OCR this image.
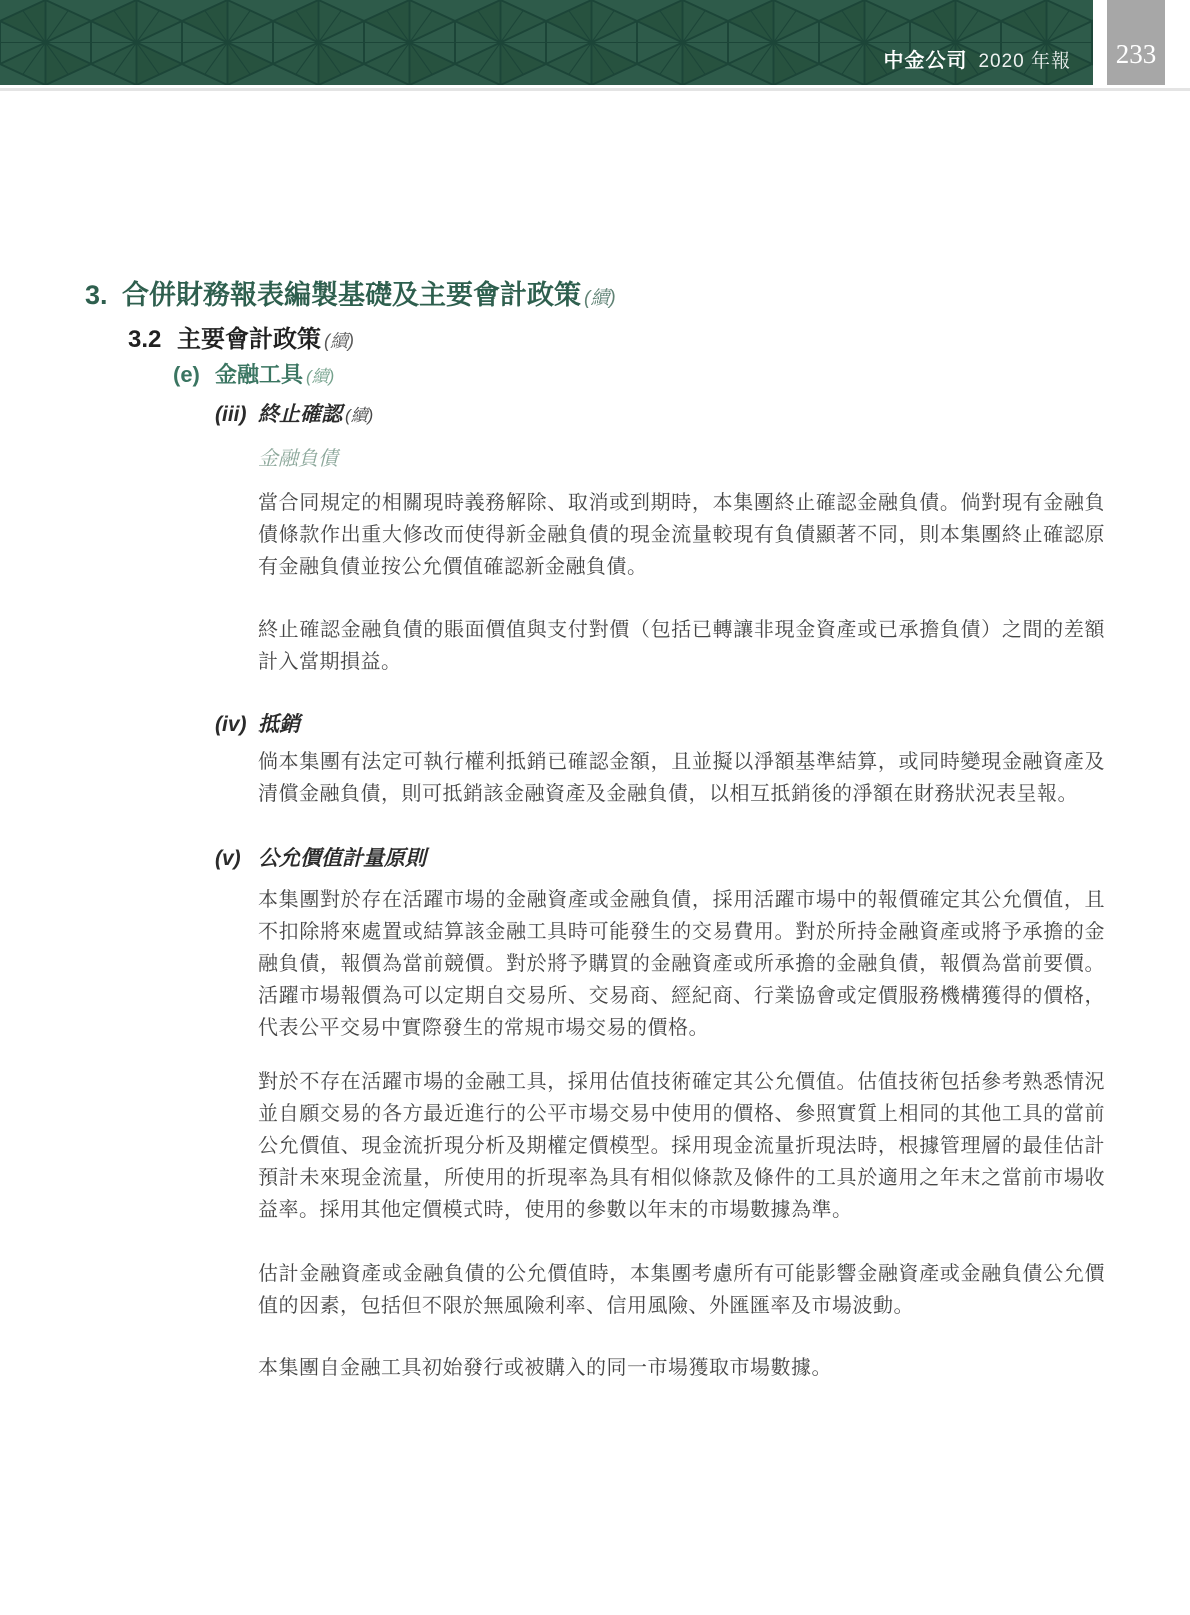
中金公司 2020 年報 233
3. 合併財務報表編製基礎及主要會計政策 (續)
3.2 主要會計政策 (續)
(e) 金融工具 (續)
(iii) 終止確認 (續)
金融負債

當合同規定的相關現時義務解除、取消或到期時，本集團終止確認金融負債。倘對現有金融負債條款作出重大修改而使得新金融負債的現金流量較現有負債顯著不同，則本集團終止確認原有金融負債並按公允價值確認新金融負債。

終止確認金融負債的賬面價值與支付對價（包括已轉讓非現金資產或已承擔負債）之間的差額計入當期損益。

(iv) 抵銷

倘本集團有法定可執行權利抵銷已確認金額，且並擬以淨額基準結算，或同時變現金融資產及清償金融負債，則可抵銷該金融資產及金融負債，以相互抵銷後的淨額在財務狀況表呈報。

(v) 公允價值計量原則

本集團對於存在活躍市場的金融資產或金融負債，採用活躍市場中的報價確定其公允價值，且不扣除將來處置或結算該金融工具時可能發生的交易費用。對於所持金融資產或將予承擔的金融負債，報價為當前競價。對於將予購買的金融資產或所承擔的金融負債，報價為當前要價。活躍市場報價為可以定期自交易所、交易商、經紀商、行業協會或定價服務機構獲得的價格，代表公平交易中實際發生的常規市場交易的價格。

對於不存在活躍市場的金融工具，採用估值技術確定其公允價值。估值技術包括參考熟悉情況並自願交易的各方最近進行的公平市場交易中使用的價格、參照實質上相同的其他工具的當前公允價值、現金流折現分析及期權定價模型。採用現金流量折現法時，根據管理層的最佳估計預計未來現金流量，所使用的折現率為具有相似條款及條件的工具於適用之年末之當前市場收益率。採用其他定價模式時，使用的參數以年末的市場數據為準。

估計金融資產或金融負債的公允價值時，本集團考慮所有可能影響金融資產或金融負債公允價值的因素，包括但不限於無風險利率、信用風險、外匯匯率及市場波動。

本集團自金融工具初始發行或被購入的同一市場獲取市場數據。
